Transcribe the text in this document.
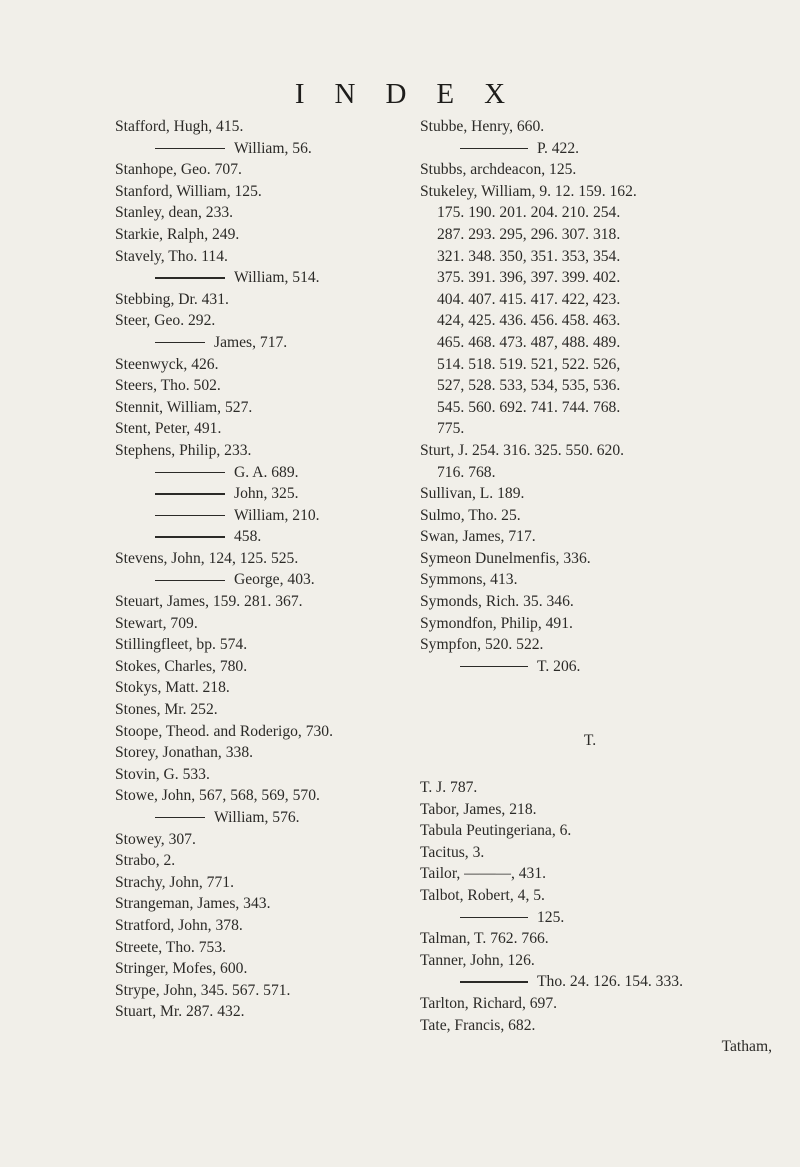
INDEX
Stafford, Hugh, 415.
William, 56.
Stanhope, Geo. 707.
Stanford, William, 125.
Stanley, dean, 233.
Starkie, Ralph, 249.
Stavely, Tho. 114.
William, 514.
Stebbing, Dr. 431.
Steer, Geo. 292.
James, 717.
Steenwyck, 426.
Steers, Tho. 502.
Stennit, William, 527.
Stent, Peter, 491.
Stephens, Philip, 233.
G. A. 689.
John, 325.
William, 210.
458.
Stevens, John, 124, 125. 525.
George, 403.
Steuart, James, 159. 281. 367.
Stewart, 709.
Stillingfleet, bp. 574.
Stokes, Charles, 780.
Stokys, Matt. 218.
Stones, Mr. 252.
Stoope, Theod. and Roderigo, 730.
Storey, Jonathan, 338.
Stovin, G. 533.
Stowe, John, 567, 568, 569, 570.
William, 576.
Stowey, 307.
Strabo, 2.
Strachy, John, 771.
Strangeman, James, 343.
Stratford, John, 378.
Streete, Tho. 753.
Stringer, Mofes, 600.
Strype, John, 345. 567. 571.
Stuart, Mr. 287. 432.
Stubbe, Henry, 660.
P. 422.
Stubbs, archdeacon, 125.
Stukeley, William, 9. 12. 159. 162.
175. 190. 201. 204. 210. 254.
287. 293. 295, 296. 307. 318.
321. 348. 350, 351. 353, 354.
375. 391. 396, 397. 399. 402.
404. 407. 415. 417. 422, 423.
424, 425. 436. 456. 458. 463.
465. 468. 473. 487, 488. 489.
514. 518. 519. 521, 522. 526,
527, 528. 533, 534, 535, 536.
545. 560. 692. 741. 744. 768.
775.
Sturt, J. 254. 316. 325. 550. 620.
716. 768.
Sullivan, L. 189.
Sulmo, Tho. 25.
Swan, James, 717.
Symeon Dunelmenfis, 336.
Symmons, 413.
Symonds, Rich. 35. 346.
Symondfon, Philip, 491.
Sympfon, 520. 522.
T. 206.
T.
T. J. 787.
Tabor, James, 218.
Tabula Peutingeriana, 6.
Tacitus, 3.
Tailor, ———, 431.
Talbot, Robert, 4, 5.
125.
Talman, T. 762. 766.
Tanner, John, 126.
Tho. 24. 126. 154. 333.
Tarlton, Richard, 697.
Tate, Francis, 682.
Tatham,
